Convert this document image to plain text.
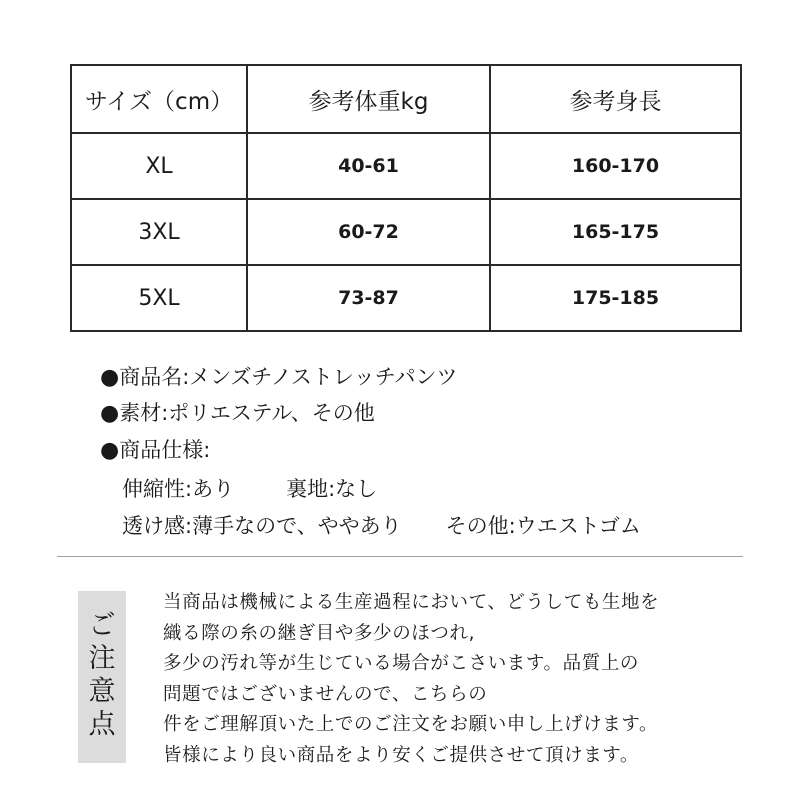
サイズ（cm）	参考体重kg	参考身長
XL	40-61	160-170
3XL	60-72	165-175
5XL	73-87	175-185
●商品名:メンズチノストレッチパンツ
●素材:ポリエステル、その他
●商品仕様:
伸縮性:あり 裏地:なし
透け感:薄手なので、ややあり その他:ウエストゴム
ご
注
意
点
当商品は機械による生産過程において、どうしても生地を
織る際の糸の継ぎ目や多少のほつれ,
多少の汚れ等が生じている場合がこさいます。品質上の
問題ではございませんので、こちらの
件をご理解頂いた上でのご注文をお願い申し上げけます。
皆様により良い商品をより安くご提供させて頂けます。
